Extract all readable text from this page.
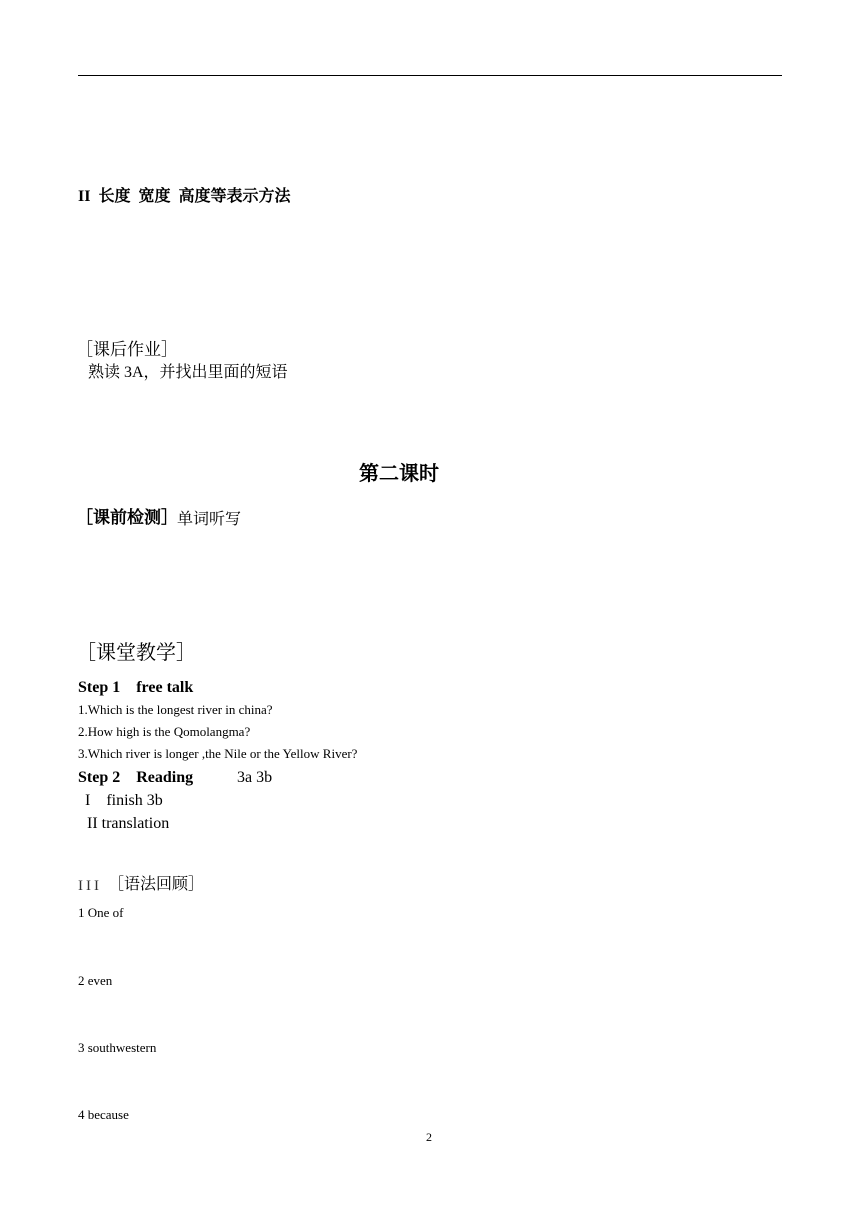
II  长度  宽度  高度等表示方法
［课后作业］
熟读 3A，并找出里面的短语
第二课时
［课前检测］ 单词听写
［课堂教学］
Step 1    free talk
1.Which is the longest river in china?
2.How high is the Qomolangma?
3.Which river is longer ,the Nile or the Yellow River?
Step 2    Reading	3a 3b
I    finish 3b
II translation
III ［语法回顾］
1 One of
2 even
3 southwestern
4 because
2
